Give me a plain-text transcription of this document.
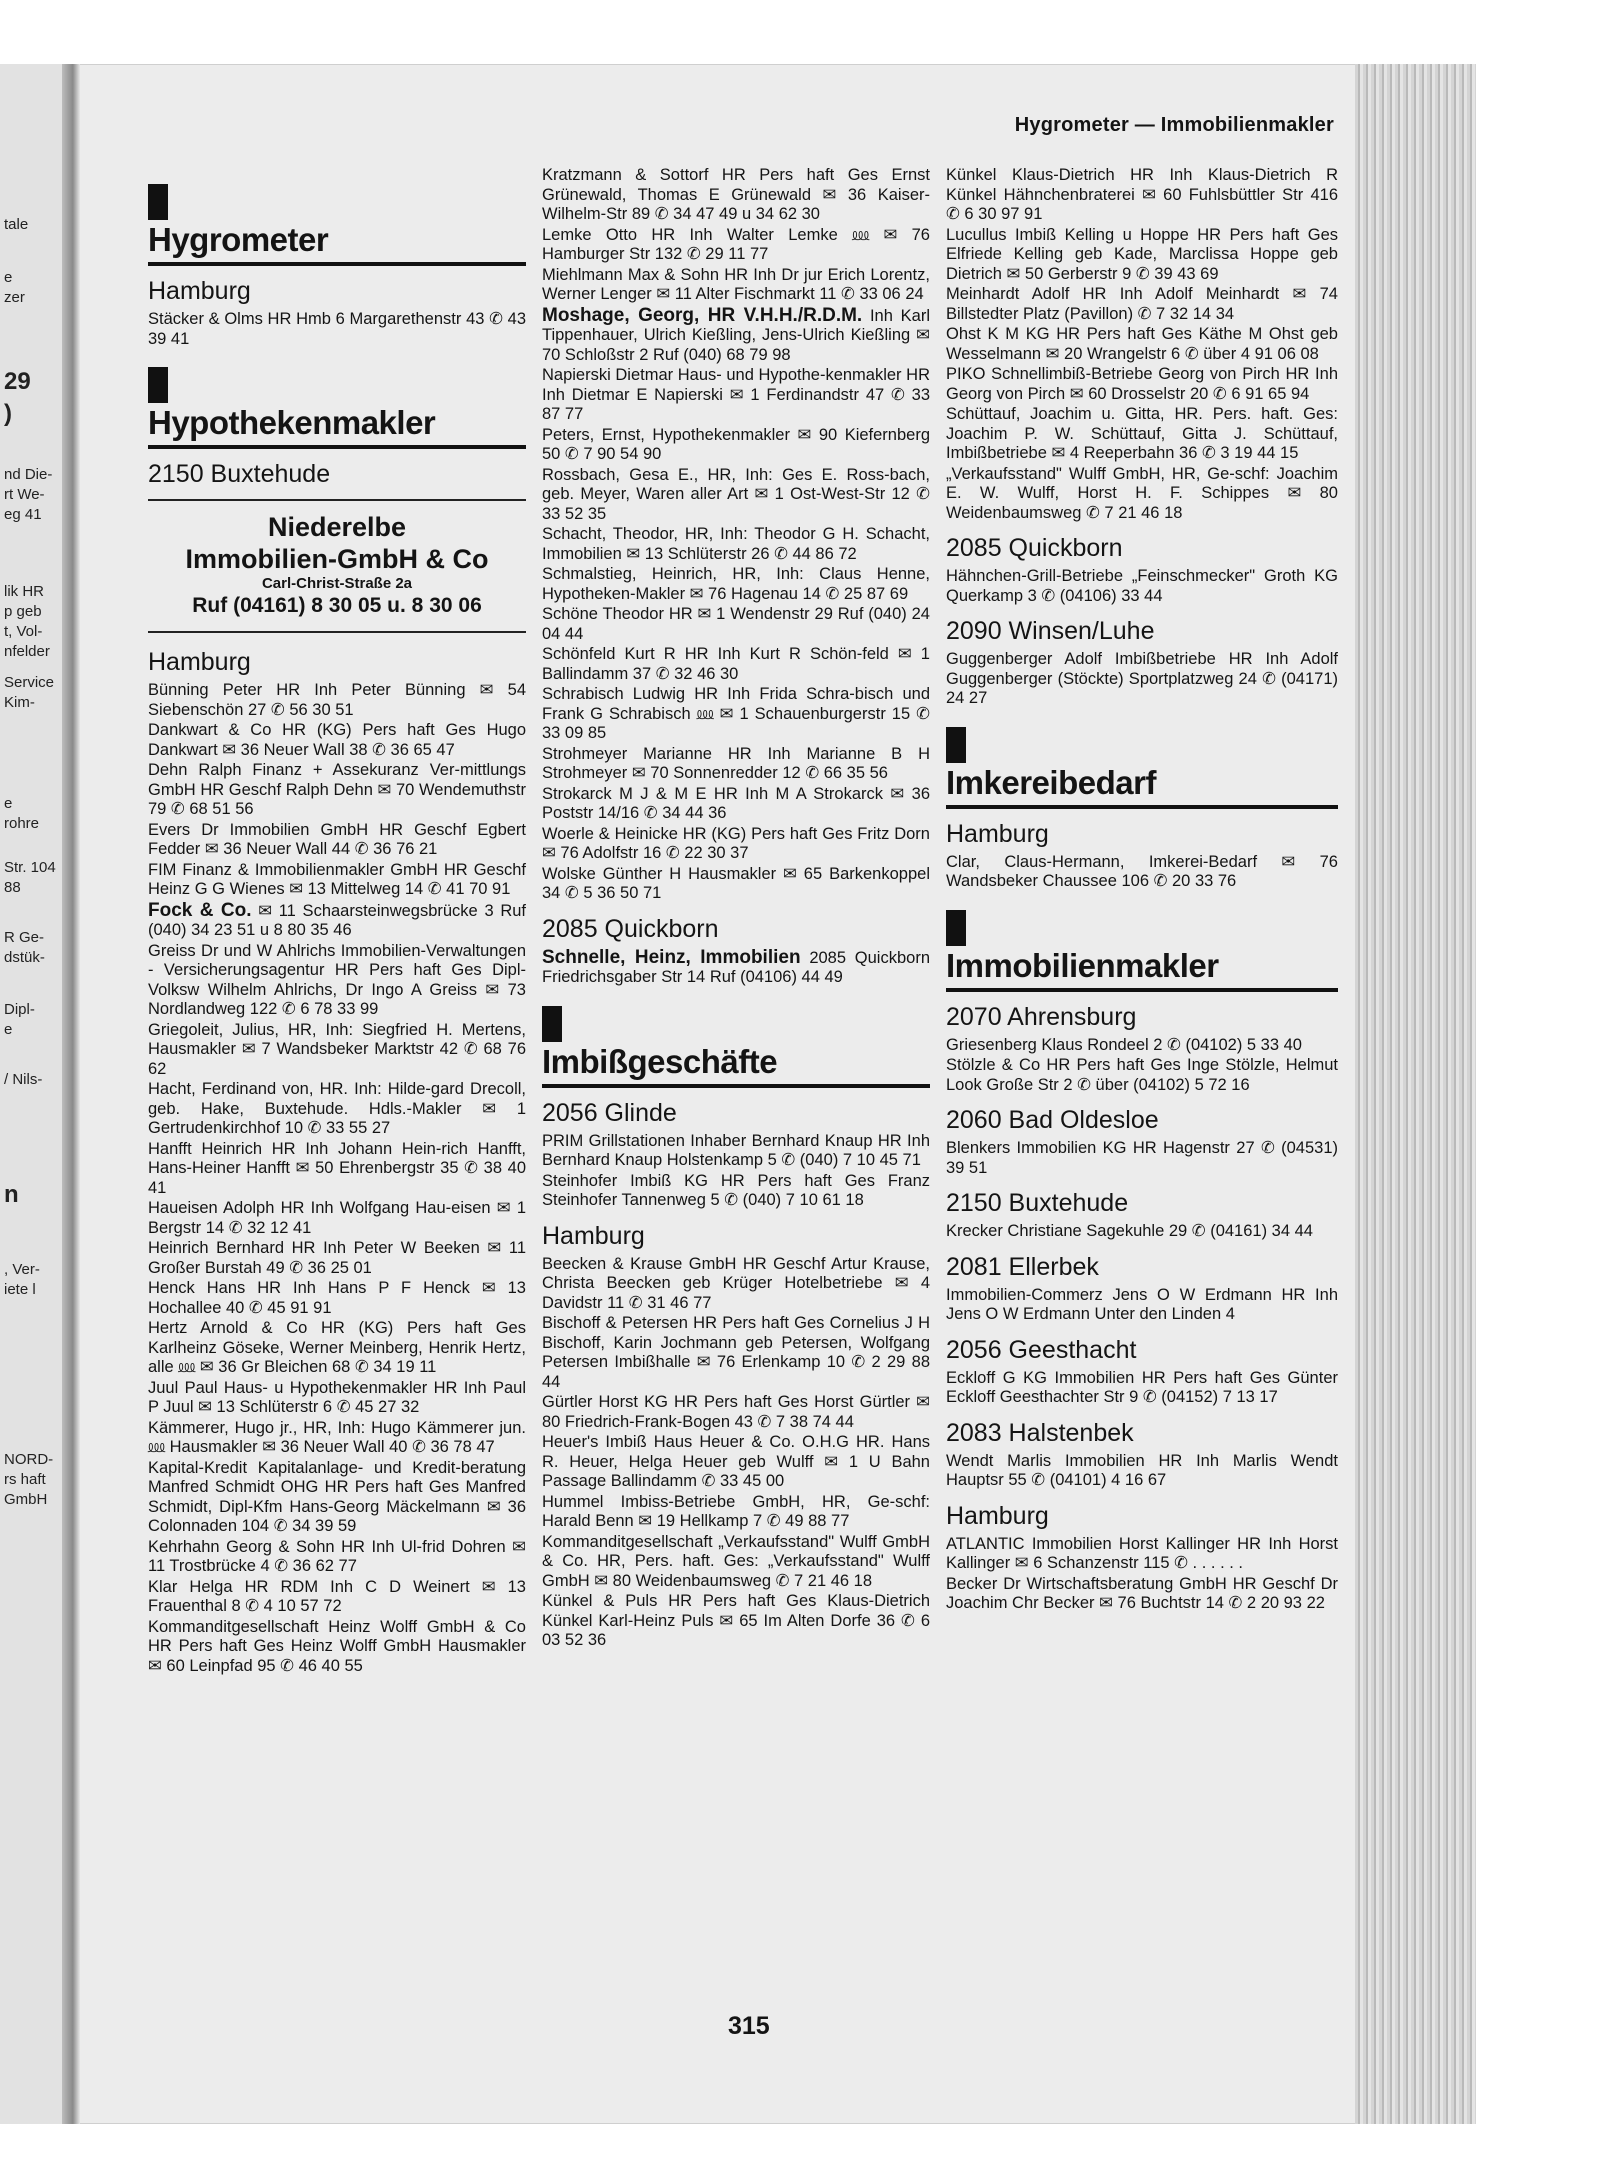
tale
e
zer
29
)
nd Die-
rt We-
eg 41
lik HR
p geb
t, Vol-
nfelder
Service
Kim-
e
rohre
Str. 104
88
R Ge-
dstük-
Dipl-
e
/ Nils-
n
, Ver-
iete l
NORD-
rs haft
GmbH
Hygrometer — Immobilienmakler
Hygrometer
Hamburg
Stäcker & Olms HR Hmb 6 Margarethenstr 43 ✆ 43 39 41
Hypothekenmakler
2150 Buxtehude
Niederelbe
Immobilien-GmbH & Co
Carl-Christ-Straße 2a
Ruf (04161) 8 30 05 u. 8 30 06
Hamburg
Bünning Peter HR Inh Peter Bünning ✉ 54 Siebenschön 27 ✆ 56 30 51
Dankwart & Co HR (KG) Pers haft Ges Hugo Dankwart ✉ 36 Neuer Wall 38 ✆ 36 65 47
Dehn Ralph Finanz + Assekuranz Ver-mittlungs GmbH HR Geschf Ralph Dehn ✉ 70 Wendemuthstr 79 ✆ 68 51 56
Evers Dr Immobilien GmbH HR Geschf Egbert Fedder ✉ 36 Neuer Wall 44 ✆ 36 76 21
FIM Finanz & Immobilienmakler GmbH HR Geschf Heinz G G Wienes ✉ 13 Mittelweg 14 ✆ 41 70 91
Fock & Co. ✉ 11 Schaarsteinwegsbrücke 3 Ruf (040) 34 23 51 u 8 80 35 46
Greiss Dr und W Ahlrichs Immobilien-Verwaltungen - Versicherungsagentur HR Pers haft Ges Dipl-Volksw Wilhelm Ahlrichs, Dr Ingo A Greiss ✉ 73 Nordlandweg 122 ✆ 6 78 33 99
Griegoleit, Julius, HR, Inh: Siegfried H. Mertens, Hausmakler ✉ 7 Wandsbeker Marktstr 42 ✆ 68 76 62
Hacht, Ferdinand von, HR. Inh: Hilde-gard Drecoll, geb. Hake, Buxtehude. Hdls.-Makler ✉ 1 Gertrudenkirchhof 10 ✆ 33 55 27
Hanfft Heinrich HR Inh Johann Hein-rich Hanfft, Hans-Heiner Hanfft ✉ 50 Ehrenbergstr 35 ✆ 38 40 41
Haueisen Adolph HR Inh Wolfgang Hau-eisen ✉ 1 Bergstr 14 ✆ 32 12 41
Heinrich Bernhard HR Inh Peter W Beeken ✉ 11 Großer Burstah 49 ✆ 36 25 01
Henck Hans HR Inh Hans P F Henck ✉ 13 Hochallee 40 ✆ 45 91 91
Hertz Arnold & Co HR (KG) Pers haft Ges Karlheinz Göseke, Werner Meinberg, Henrik Hertz, alle ⅏ ✉ 36 Gr Bleichen 68 ✆ 34 19 11
Juul Paul Haus- u Hypothekenmakler HR Inh Paul P Juul ✉ 13 Schlüterstr 6 ✆ 45 27 32
Kämmerer, Hugo jr., HR, Inh: Hugo Kämmerer jun. ⅏ Hausmakler ✉ 36 Neuer Wall 40 ✆ 36 78 47
Kapital-Kredit Kapitalanlage- und Kredit-beratung Manfred Schmidt OHG HR Pers haft Ges Manfred Schmidt, Dipl-Kfm Hans-Georg Mäckelmann ✉ 36 Colonnaden 104 ✆ 34 39 59
Kehrhahn Georg & Sohn HR Inh Ul-frid Dohren ✉ 11 Trostbrücke 4 ✆ 36 62 77
Klar Helga HR RDM Inh C D Weinert ✉ 13 Frauenthal 8 ✆ 4 10 57 72
Kommanditgesellschaft Heinz Wolff GmbH & Co HR Pers haft Ges Heinz Wolff GmbH Hausmakler ✉ 60 Leinpfad 95 ✆ 46 40 55
Kratzmann & Sottorf HR Pers haft Ges Ernst Grünewald, Thomas E Grünewald ✉ 36 Kaiser-Wilhelm-Str 89 ✆ 34 47 49 u 34 62 30
Lemke Otto HR Inh Walter Lemke ⅏ ✉ 76 Hamburger Str 132 ✆ 29 11 77
Miehlmann Max & Sohn HR Inh Dr jur Erich Lorentz, Werner Lenger ✉ 11 Alter Fischmarkt 11 ✆ 33 06 24
Moshage, Georg, HR V.H.H./R.D.M. Inh Karl Tippenhauer, Ulrich Kießling, Jens-Ulrich Kießling ✉ 70 Schloßstr 2 Ruf (040) 68 79 98
Napierski Dietmar Haus- und Hypothe-kenmakler HR Inh Dietmar E Napierski ✉ 1 Ferdinandstr 47 ✆ 33 87 77
Peters, Ernst, Hypothekenmakler ✉ 90 Kiefernberg 50 ✆ 7 90 54 90
Rossbach, Gesa E., HR, Inh: Ges E. Ross-bach, geb. Meyer, Waren aller Art ✉ 1 Ost-West-Str 12 ✆ 33 52 35
Schacht, Theodor, HR, Inh: Theodor G H. Schacht, Immobilien ✉ 13 Schlüterstr 26 ✆ 44 86 72
Schmalstieg, Heinrich, HR, Inh: Claus Henne, Hypotheken-Makler ✉ 76 Hagenau 14 ✆ 25 87 69
Schöne Theodor HR ✉ 1 Wendenstr 29 Ruf (040) 24 04 44
Schönfeld Kurt R HR Inh Kurt R Schön-feld ✉ 1 Ballindamm 37 ✆ 32 46 30
Schrabisch Ludwig HR Inh Frida Schra-bisch und Frank G Schrabisch ⅏ ✉ 1 Schauenburgerstr 15 ✆ 33 09 85
Strohmeyer Marianne HR Inh Marianne B H Strohmeyer ✉ 70 Sonnenredder 12 ✆ 66 35 56
Strokarck M J & M E HR Inh M A Strokarck ✉ 36 Poststr 14/16 ✆ 34 44 36
Woerle & Heinicke HR (KG) Pers haft Ges Fritz Dorn ✉ 76 Adolfstr 16 ✆ 22 30 37
Wolske Günther H Hausmakler ✉ 65 Barkenkoppel 34 ✆ 5 36 50 71
2085 Quickborn
Schnelle, Heinz, Immobilien 2085 Quickborn Friedrichsgaber Str 14 Ruf (04106) 44 49
Imbißgeschäfte
2056 Glinde
PRIM Grillstationen Inhaber Bernhard Knaup HR Inh Bernhard Knaup Holstenkamp 5 ✆ (040) 7 10 45 71
Steinhofer Imbiß KG HR Pers haft Ges Franz Steinhofer Tannenweg 5 ✆ (040) 7 10 61 18
Hamburg
Beecken & Krause GmbH HR Geschf Artur Krause, Christa Beecken geb Krüger Hotelbetriebe ✉ 4 Davidstr 11 ✆ 31 46 77
Bischoff & Petersen HR Pers haft Ges Cornelius J H Bischoff, Karin Jochmann geb Petersen, Wolfgang Petersen Imbißhalle ✉ 76 Erlenkamp 10 ✆ 2 29 88 44
Gürtler Horst KG HR Pers haft Ges Horst Gürtler ✉ 80 Friedrich-Frank-Bogen 43 ✆ 7 38 74 44
Heuer's Imbiß Haus Heuer & Co. O.H.G HR. Hans R. Heuer, Helga Heuer geb Wulff ✉ 1 U Bahn Passage Ballindamm ✆ 33 45 00
Hummel Imbiss-Betriebe GmbH, HR, Ge-schf: Harald Benn ✉ 19 Hellkamp 7 ✆ 49 88 77
Kommanditgesellschaft „Verkaufsstand" Wulff GmbH & Co. HR, Pers. haft. Ges: „Verkaufsstand" Wulff GmbH ✉ 80 Weidenbaumsweg ✆ 7 21 46 18
Künkel & Puls HR Pers haft Ges Klaus-Dietrich Künkel Karl-Heinz Puls ✉ 65 Im Alten Dorfe 36 ✆ 6 03 52 36
Künkel Klaus-Dietrich HR Inh Klaus-Dietrich R Künkel Hähnchenbraterei ✉ 60 Fuhlsbüttler Str 416 ✆ 6 30 97 91
Lucullus Imbiß Kelling u Hoppe HR Pers haft Ges Elfriede Kelling geb Kade, Marclissa Hoppe geb Dietrich ✉ 50 Gerberstr 9 ✆ 39 43 69
Meinhardt Adolf HR Inh Adolf Meinhardt ✉ 74 Billstedter Platz (Pavillon) ✆ 7 32 14 34
Ohst K M KG HR Pers haft Ges Käthe M Ohst geb Wesselmann ✉ 20 Wrangelstr 6 ✆ über 4 91 06 08
PIKO Schnellimbiß-Betriebe Georg von Pirch HR Inh Georg von Pirch ✉ 60 Drosselstr 20 ✆ 6 91 65 94
Schüttauf, Joachim u. Gitta, HR. Pers. haft. Ges: Joachim P. W. Schüttauf, Gitta J. Schüttauf, Imbißbetriebe ✉ 4 Reeperbahn 36 ✆ 3 19 44 15
„Verkaufsstand" Wulff GmbH, HR, Ge-schf: Joachim E. W. Wulff, Horst H. F. Schippes ✉ 80 Weidenbaumsweg ✆ 7 21 46 18
2085 Quickborn
Hähnchen-Grill-Betriebe „Feinschmecker" Groth KG Querkamp 3 ✆ (04106) 33 44
2090 Winsen/Luhe
Guggenberger Adolf Imbißbetriebe HR Inh Adolf Guggenberger (Stöckte) Sportplatzweg 24 ✆ (04171) 24 27
Imkereibedarf
Hamburg
Clar, Claus-Hermann, Imkerei-Bedarf ✉ 76 Wandsbeker Chaussee 106 ✆ 20 33 76
Immobilienmakler
2070 Ahrensburg
Griesenberg Klaus Rondeel 2 ✆ (04102) 5 33 40
Stölzle & Co HR Pers haft Ges Inge Stölzle, Helmut Look Große Str 2 ✆ über (04102) 5 72 16
2060 Bad Oldesloe
Blenkers Immobilien KG HR Hagenstr 27 ✆ (04531) 39 51
2150 Buxtehude
Krecker Christiane Sagekuhle 29 ✆ (04161) 34 44
2081 Ellerbek
Immobilien-Commerz Jens O W Erdmann HR Inh Jens O W Erdmann Unter den Linden 4
2056 Geesthacht
Eckloff G KG Immobilien HR Pers haft Ges Günter Eckloff Geesthachter Str 9 ✆ (04152) 7 13 17
2083 Halstenbek
Wendt Marlis Immobilien HR Inh Marlis Wendt Hauptsr 55 ✆ (04101) 4 16 67
Hamburg
ATLANTIC Immobilien Horst Kallinger HR Inh Horst Kallinger ✉ 6 Schanzenstr 115 ✆ . . . . . .
Becker Dr Wirtschaftsberatung GmbH HR Geschf Dr Joachim Chr Becker ✉ 76 Buchtstr 14 ✆ 2 20 93 22
315
